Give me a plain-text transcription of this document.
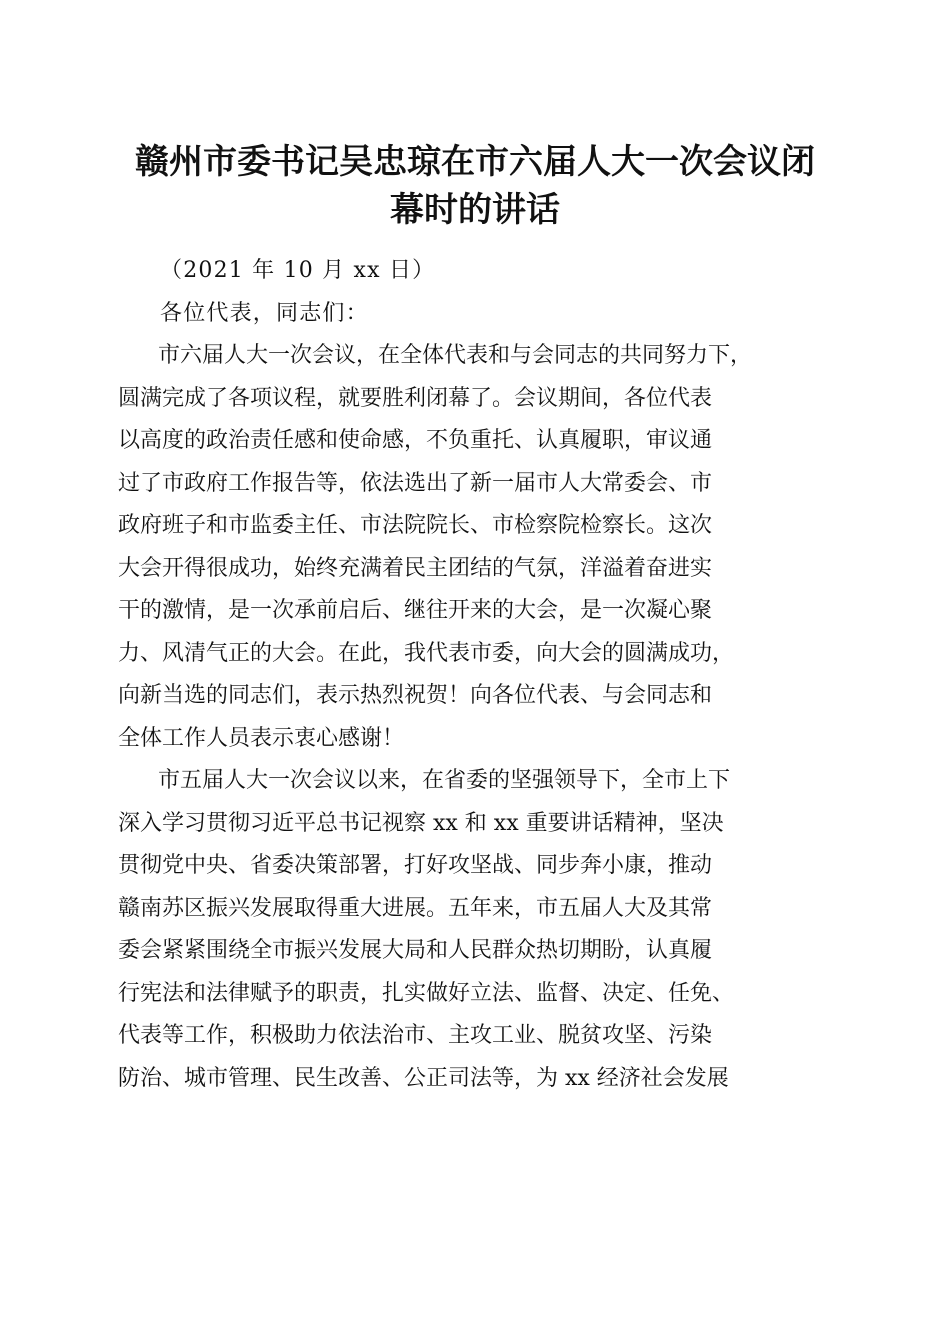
赣州市委书记吴忠琼在市六届人大一次会议闭
幕时的讲话

（2021 年 10 月 xx 日）

各位代表，同志们：

市六届人大一次会议，在全体代表和与会同志的共同努力下，
圆满完成了各项议程，就要胜利闭幕了。会议期间，各位代表
以高度的政治责任感和使命感，不负重托、认真履职，审议通
过了市政府工作报告等，依法选出了新一届市人大常委会、市
政府班子和市监委主任、市法院院长、市检察院检察长。这次
大会开得很成功，始终充满着民主团结的气氛，洋溢着奋进实
干的激情，是一次承前启后、继往开来的大会，是一次凝心聚
力、风清气正的大会。在此，我代表市委，向大会的圆满成功，
向新当选的同志们，表示热烈祝贺！向各位代表、与会同志和
全体工作人员表示衷心感谢！
市五届人大一次会议以来，在省委的坚强领导下，全市上下
深入学习贯彻习近平总书记视察 xx 和 xx 重要讲话精神，坚决
贯彻党中央、省委决策部署，打好攻坚战、同步奔小康，推动
赣南苏区振兴发展取得重大进展。五年来，市五届人大及其常
委会紧紧围绕全市振兴发展大局和人民群众热切期盼，认真履
行宪法和法律赋予的职责，扎实做好立法、监督、决定、任免、
代表等工作，积极助力依法治市、主攻工业、脱贫攻坚、污染
防治、城市管理、民生改善、公正司法等，为 xx 经济社会发展
